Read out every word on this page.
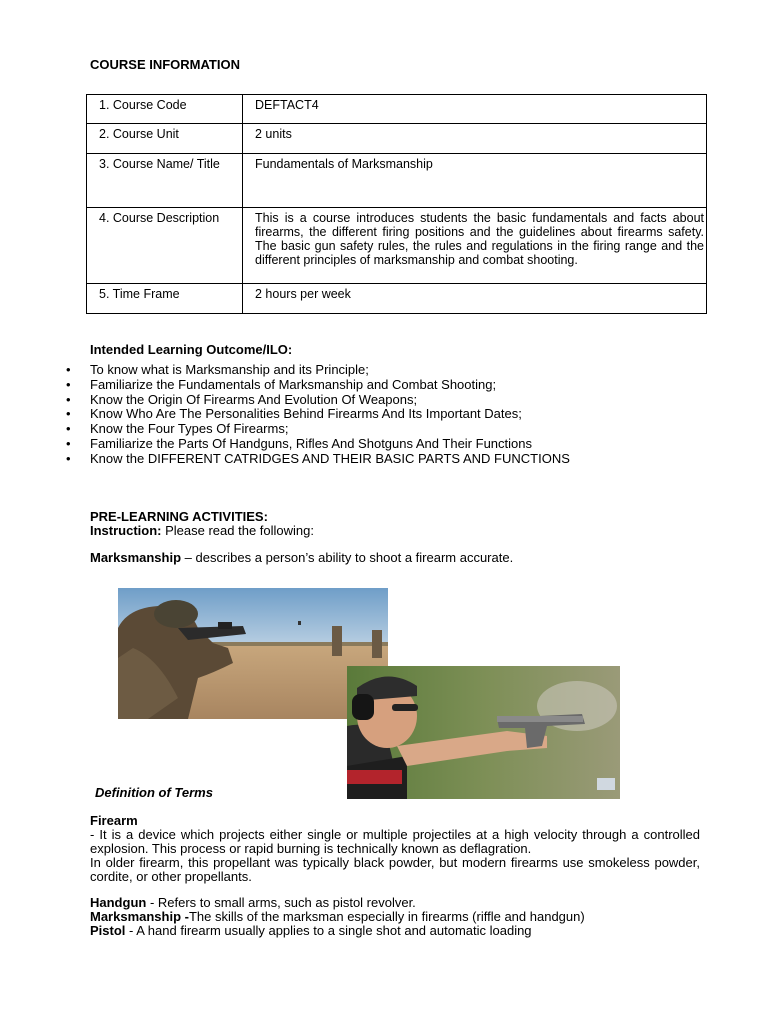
COURSE INFORMATION
1. Course Code	DEFTACT4
2. Course Unit	2 units
3. Course Name/ Title	Fundamentals of Marksmanship
4. Course Description	This is a course introduces students the basic fundamentals and facts about firearms, the different firing positions and the guidelines about firearms safety. The basic gun safety rules, the rules and regulations in the firing range and the different principles of marksmanship and combat shooting.
5. Time Frame	2 hours per week
Intended Learning Outcome/ILO:
• To know what is Marksmanship and its Principle;
• Familiarize the Fundamentals of Marksmanship and Combat Shooting;
• Know the Origin Of Firearms And Evolution Of Weapons;
• Know Who Are The Personalities Behind Firearms And Its Important Dates;
• Know the Four Types Of Firearms;
• Familiarize the Parts Of Handguns, Rifles And Shotguns And Their Functions
• Know the DIFFERENT CATRIDGES AND THEIR BASIC PARTS AND FUNCTIONS
PRE-LEARNING ACTIVITIES:
Instruction: Please read the following:
Marksmanship – describes a person’s ability to shoot a firearm accurate.
Definition of Terms
Firearm

- It is a device which projects either single or multiple projectiles at a high velocity through a controlled explosion. This process or rapid burning is technically known as deflagration.

In older firearm, this propellant was typically black powder, but modern firearms use smokeless powder, cordite, or other propellants.

Handgun - Refers to small arms, such as pistol revolver.
Marksmanship -The skills of the marksman especially in firearms (riffle and handgun)
Pistol - A hand firearm usually applies to a single shot and automatic loading
